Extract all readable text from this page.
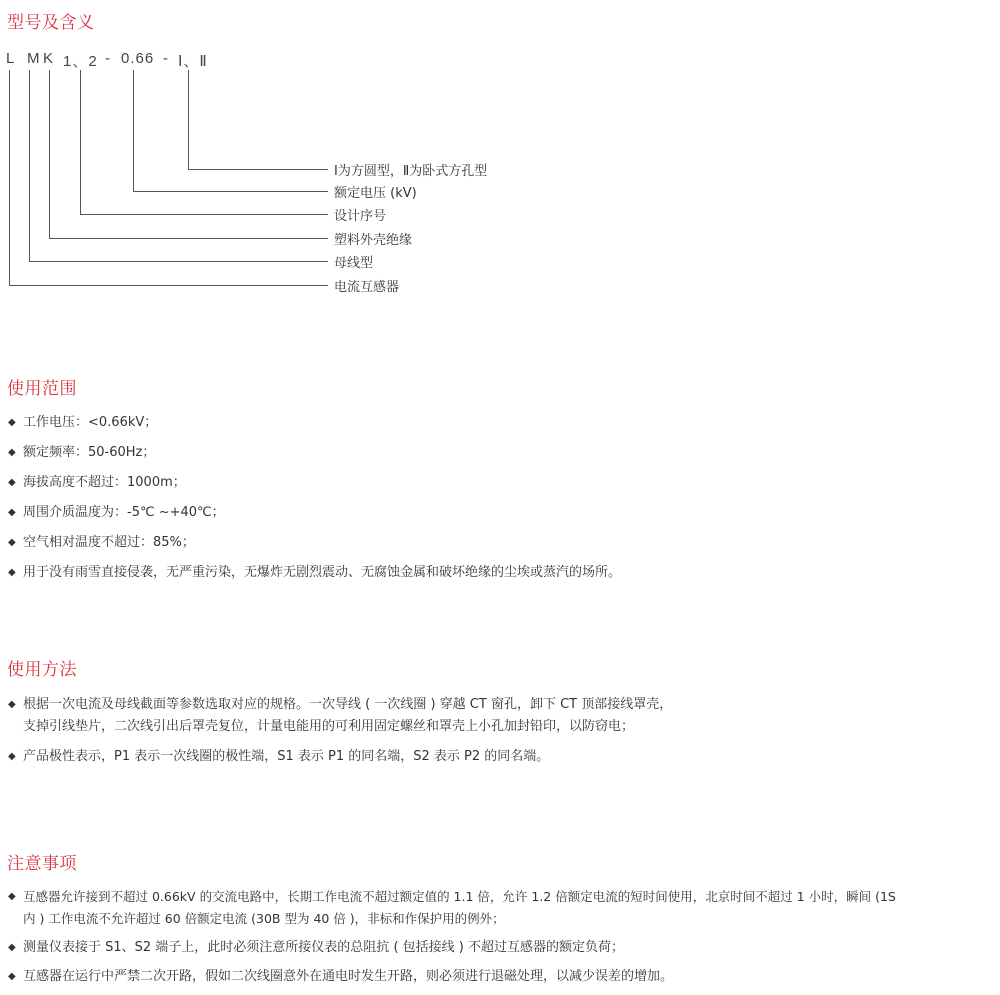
型号及含义
L M K 1、2 - 0.66 - Ⅰ、Ⅱ
Ⅰ为方圆型，Ⅱ为卧式方孔型
额定电压 (kV)
设计序号
塑料外壳绝缘
母线型
电流互感器
使用范围
◆ 工作电压：<0.66kV；
◆ 额定频率：50-60Hz；
◆ 海拔高度不超过：1000m；
◆ 周围介质温度为：-5℃ ~+40℃；
◆ 空气相对温度不超过：85%；
◆ 用于没有雨雪直接侵袭，无严重污染，无爆炸无剧烈震动、无腐蚀金属和破坏绝缘的尘埃或蒸汽的场所。
使用方法
◆ 根据一次电流及母线截面等参数选取对应的规格。一次导线 ( 一次线圈 ) 穿越 CT 窗孔，卸下 CT 顶部接线罩壳，
支掉引线垫片，二次线引出后罩壳复位，计量电能用的可利用固定螺丝和罩壳上小孔加封铅印，以防窃电；
◆ 产品极性表示，P1 表示一次线圈的极性端，S1 表示 P1 的同名端，S2 表示 P2 的同名端。
注意事项
◆ 互感器允许接到不超过 0.66kV 的交流电路中，长期工作电流不超过额定值的 1.1 倍，允许 1.2 倍额定电流的短时间使用，北京时间不超过 1 小时，瞬间 (1S
内 ) 工作电流不允许超过 60 倍额定电流 (30B 型为 40 倍 )，非标和作保护用的例外；
◆ 测量仪表接于 S1、S2 端子上，此时必须注意所接仪表的总阻抗 ( 包括接线 ) 不超过互感器的额定负荷；
◆ 互感器在运行中严禁二次开路，假如二次线圈意外在通电时发生开路，则必须进行退磁处理，以减少误差的增加。
